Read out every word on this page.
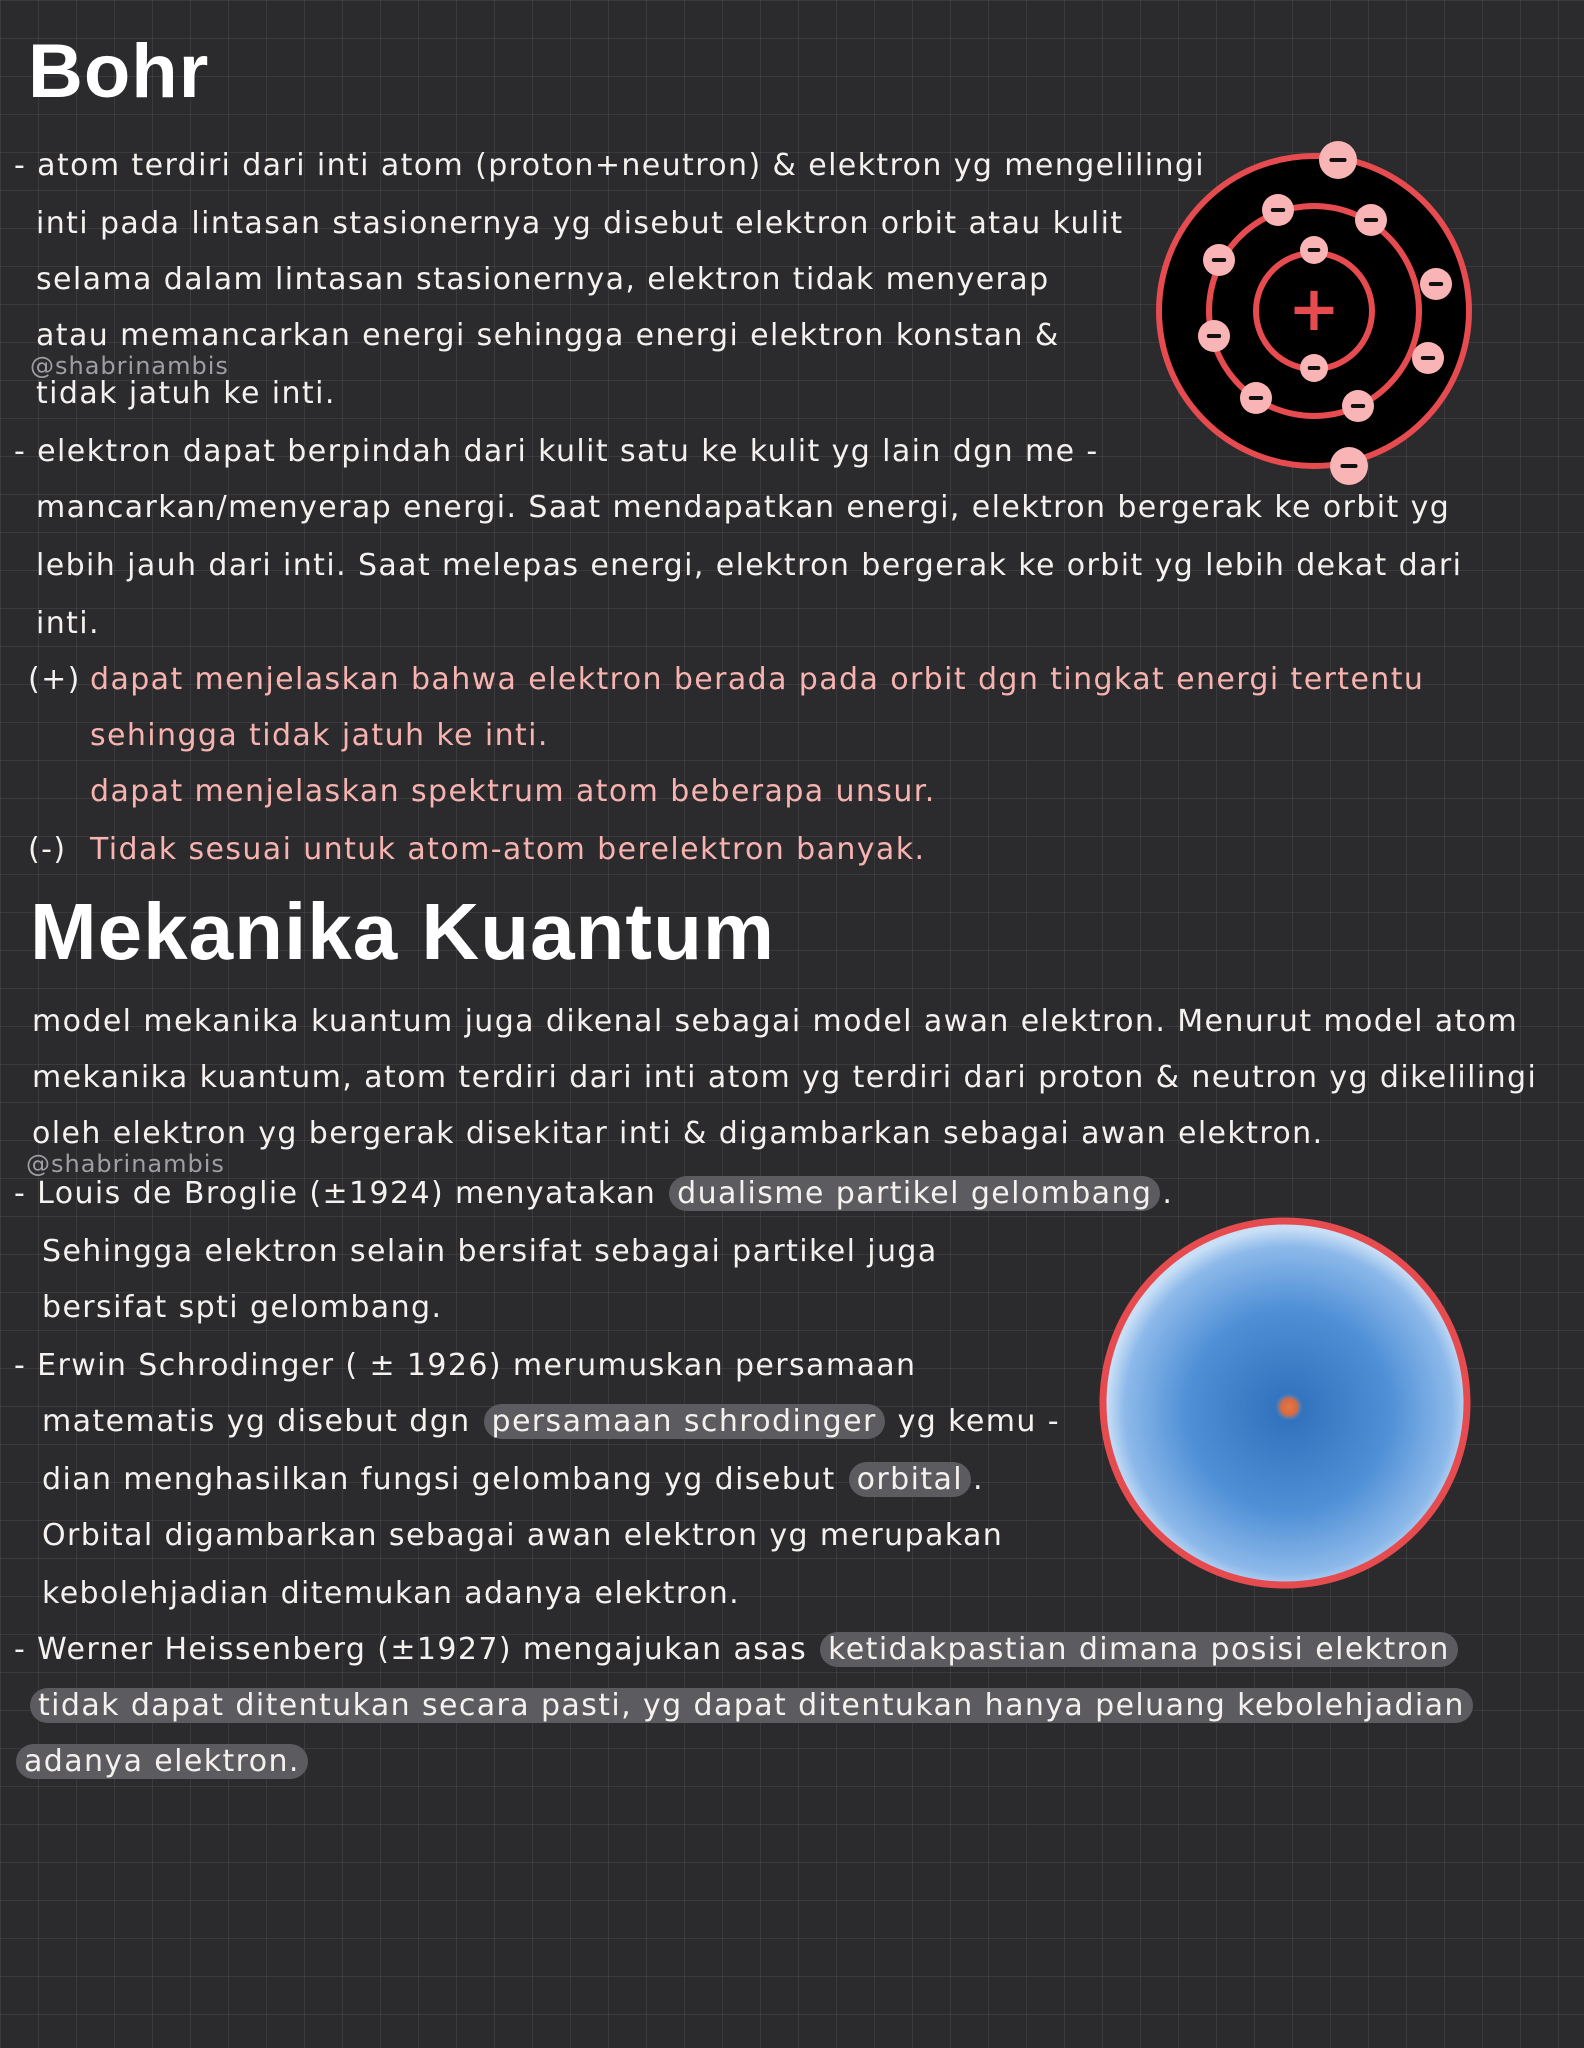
Bohr

- atom terdiri dari inti atom (proton+neutron) & elektron yg mengelilingi

inti pada lintasan stasionernya yg disebut elektron orbit atau kulit

selama dalam lintasan stasionernya, elektron tidak menyerap

atau memancarkan energi sehingga energi elektron konstan &

@shabrinambis

tidak jatuh ke inti.

- elektron dapat berpindah dari kulit satu ke kulit yg lain dgn me -

mancarkan/menyerap energi. Saat mendapatkan energi, elektron bergerak ke orbit yg

lebih jauh dari inti. Saat melepas energi, elektron bergerak ke orbit yg lebih dekat dari

inti.

(+) dapat menjelaskan bahwa elektron berada pada orbit dgn tingkat energi tertentu

sehingga tidak jatuh ke inti.

dapat menjelaskan spektrum atom beberapa unsur.

(-) Tidak sesuai untuk atom-atom berelektron banyak.

+
Mekanika Kuantum

model mekanika kuantum juga dikenal sebagai model awan elektron. Menurut model atom

mekanika kuantum, atom terdiri dari inti atom yg terdiri dari proton & neutron yg dikelilingi

oleh elektron yg bergerak disekitar inti & digambarkan sebagai awan elektron.

@shabrinambis

- Louis de Broglie (±1924) menyatakan dualisme partikel gelombang .

Sehingga elektron selain bersifat sebagai partikel juga

bersifat spti gelombang.

- Erwin Schrodinger ( ± 1926) merumuskan persamaan

matematis yg disebut dgn persamaan schrodinger yg kemu -

dian menghasilkan fungsi gelombang yg disebut orbital .

Orbital digambarkan sebagai awan elektron yg merupakan

kebolehjadian ditemukan adanya elektron.

- Werner Heissenberg (±1927) mengajukan asas ketidakpastian dimana posisi elektron

tidak dapat ditentukan secara pasti, yg dapat ditentukan hanya peluang kebolehjadian

adanya elektron.
